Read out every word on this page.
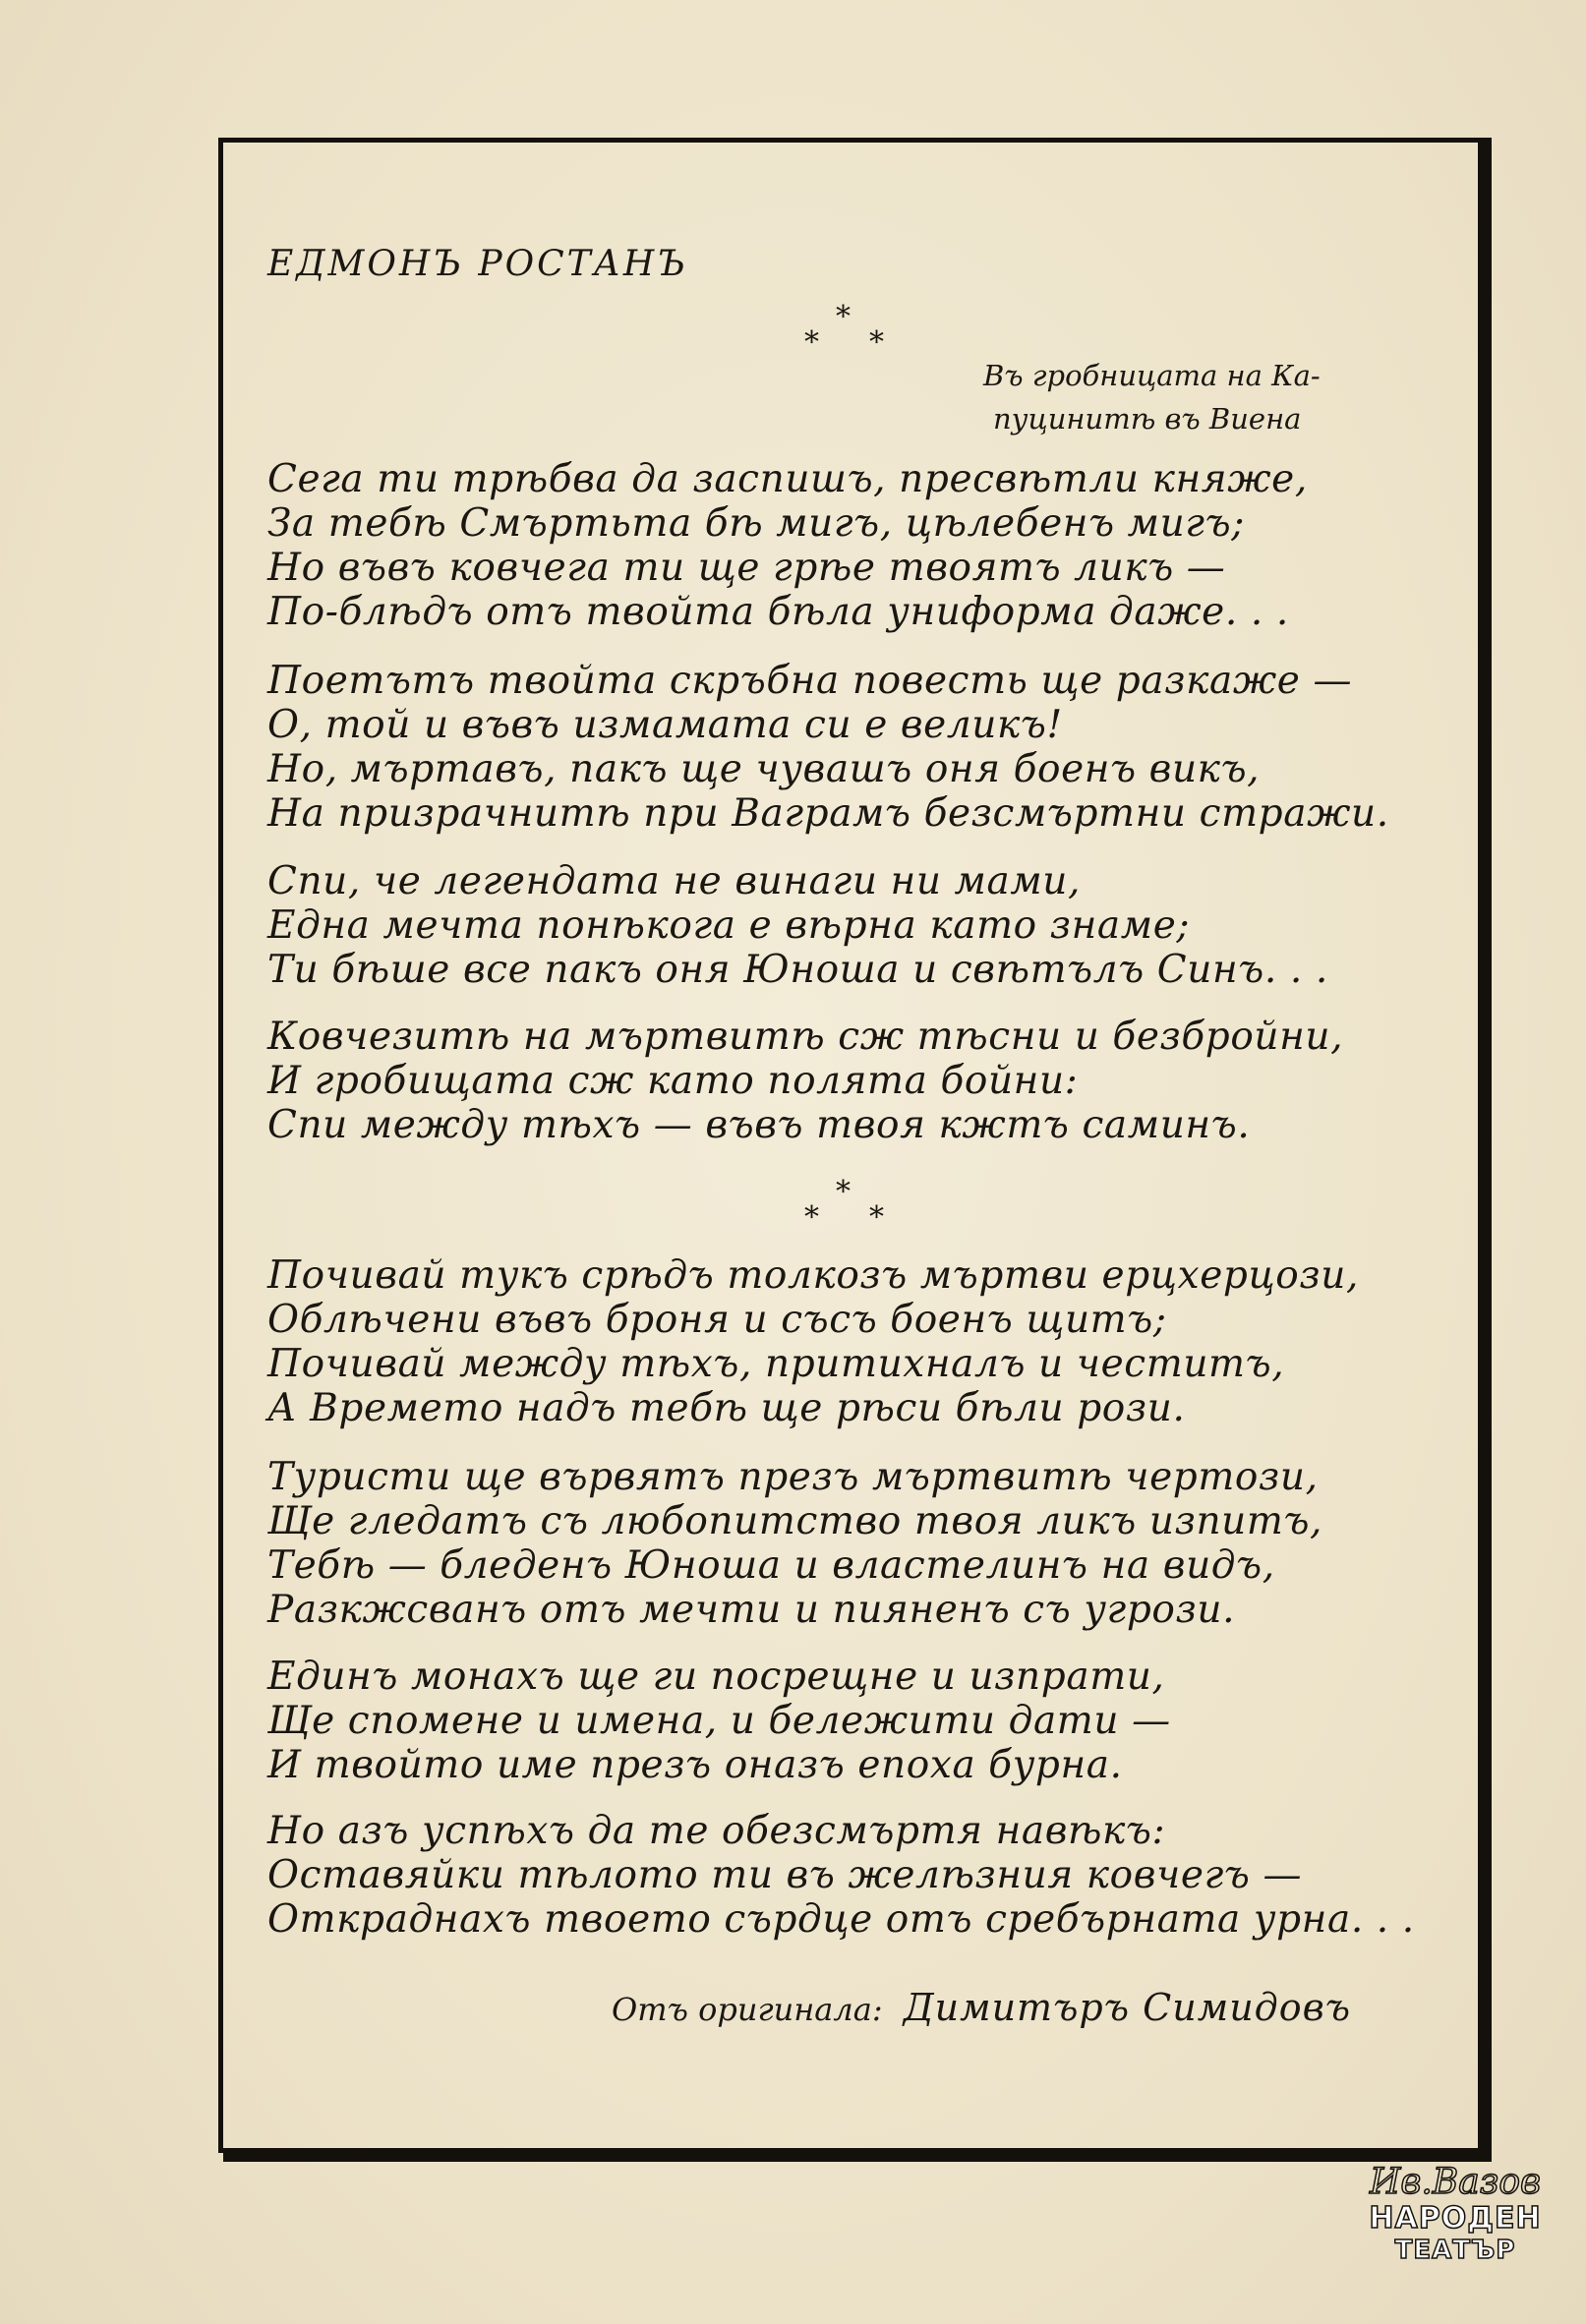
ЕДМОНЪ РОСТАНЪ
*
* *
Въ гробницата на Ка-
пуцинитѣ въ Виена
Сега ти трѣбва да заспишъ, пресвѣтли княже,
За тебѣ Смъртьта бѣ мигъ, цѣлебенъ мигъ;
Но въвъ ковчега ти ще грѣе твоятъ ликъ —
По-блѣдъ отъ твойта бѣла униформа даже. . .
Поетътъ твойта скръбна повесть ще разкаже —
О, той и въвъ измамата си е великъ!
Но, мъртавъ, пакъ ще чувашъ оня боенъ викъ,
На призрачнитѣ при Ваграмъ безсмъртни стражи.
Спи, че легендата не винаги ни мами,
Една мечта понѣкога е вѣрна като знаме;
Ти бѣше все пакъ оня Юноша и свѣтълъ Синъ. . .
Ковчезитѣ на мъртвитѣ сж тѣсни и безбройни,
И гробищата сж като полята бойни:
Спи между тѣхъ — въвъ твоя кжтъ саминъ.
*
* *
Почивай тукъ срѣдъ толкозъ мъртви ерцхерцози,
Облѣчени въвъ броня и съсъ боенъ щитъ;
Почивай между тѣхъ, притихналъ и честитъ,
А Времето надъ тебѣ ще рѣси бѣли рози.
Туристи ще вървятъ презъ мъртвитѣ чертози,
Ще гледатъ съ любопитство твоя ликъ изпитъ,
Тебѣ — бледенъ Юноша и властелинъ на видъ,
Разкжсванъ отъ мечти и пияненъ съ угрози.
Единъ монахъ ще ги посрещне и изпрати,
Ще спомене и имена, и бележити дати —
И твойто име презъ оназъ епоха бурна.
Но азъ успѣхъ да те обезсмъртя навѣкъ:
Оставяйки тѣлото ти въ желѣзния ковчегъ —
Откраднахъ твоето сърдце отъ сребърната урна. . .
Отъ оригинала: Димитъръ Симидовъ
Ив.Вазов
НАРОДЕН
ТЕАТЪР
